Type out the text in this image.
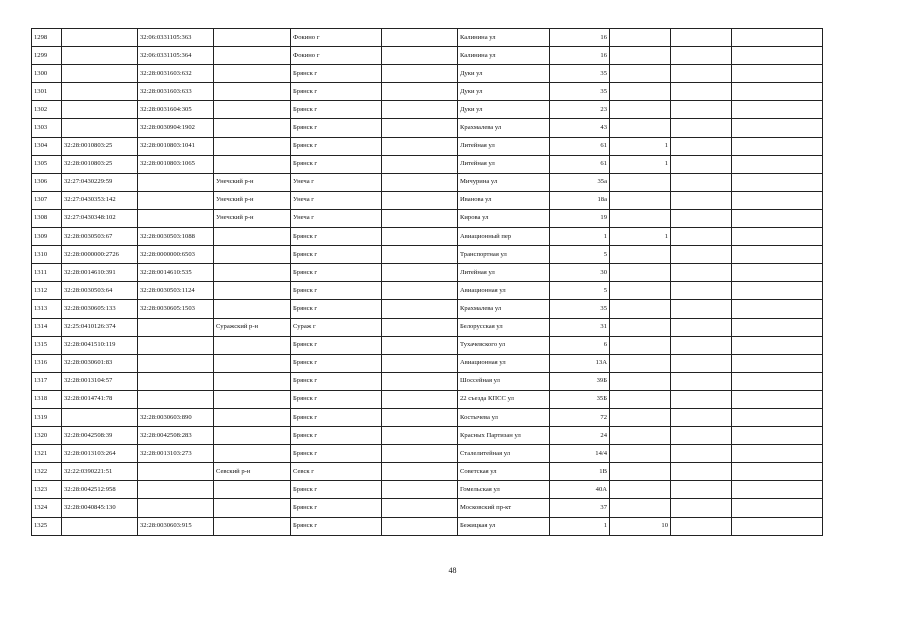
1298		32:06:0331105:363		Фокино г		Калинина ул	16			
1299		32:06:0331105:364		Фокино г		Калинина ул	16			
1300		32:28:0031603:632		Брянск г		Дуки ул	35			
1301		32:28:0031603:633		Брянск г		Дуки ул	35			
1302		32:28:0031604:305		Брянск г		Дуки ул	23			
1303		32:28:0030904:1902		Брянск г		Крахмалева ул	43			
1304	32:28:0010803:25	32:28:0010803:1041		Брянск г		Литейная ул	61	1		
1305	32:28:0010803:25	32:28:0010803:1065		Брянск г		Литейная ул	61	1		
1306	32:27:0430229:59		Унечский р-н	Унеча г		Мичурина ул	35а			
1307	32:27:0430353:142		Унечский р-н	Унеча г		Иванова ул	18а			
1308	32:27:0430348:102		Унечский р-н	Унеча г		Кирова ул	19			
1309	32:28:0030503:67	32:28:0030503:1088		Брянск г		Авиационный пер	1	1		
1310	32:28:0000000:2726	32:28:0000000:6503		Брянск г		Транспортная ул	5			
1311	32:28:0014610:391	32:28:0014610:535		Брянск г		Литейная ул	30			
1312	32:28:0030503:64	32:28:0030503:1124		Брянск г		Авиационная ул	5			
1313	32:28:0030605:133	32:28:0030605:1503		Брянск г		Крахмалева ул	35			
1314	32:25:0410126:374		Суражский р-н	Сураж г		Белорусская ул	31			
1315	32:28:0041510:119			Брянск г		Тухачевского ул	6			
1316	32:28:0030601:83			Брянск г		Авиационная ул	13А			
1317	32:28:0013104:57			Брянск г		Шоссейная ул	39Б			
1318	32:28:0014741:78			Брянск г		22 съезда КПСС ул	35Б			
1319		32:28:0030603:890		Брянск г		Костычева ул	72			
1320	32:28:0042508:39	32:28:0042508:283		Брянск г		Красных Партизан ул	24			
1321	32:28:0013103:264	32:28:0013103:273		Брянск г		Сталелитейная ул	14/4			
1322	32:22:0390221:51		Севский р-н	Севск г		Советская ул	1В			
1323	32:28:0042512:958			Брянск г		Гомельская ул	40А			
1324	32:28:0040845:130			Брянск г		Московский пр-кт	37			
1325		32:28:0030603:915		Брянск г		Бежицкая ул	1	10		
48
